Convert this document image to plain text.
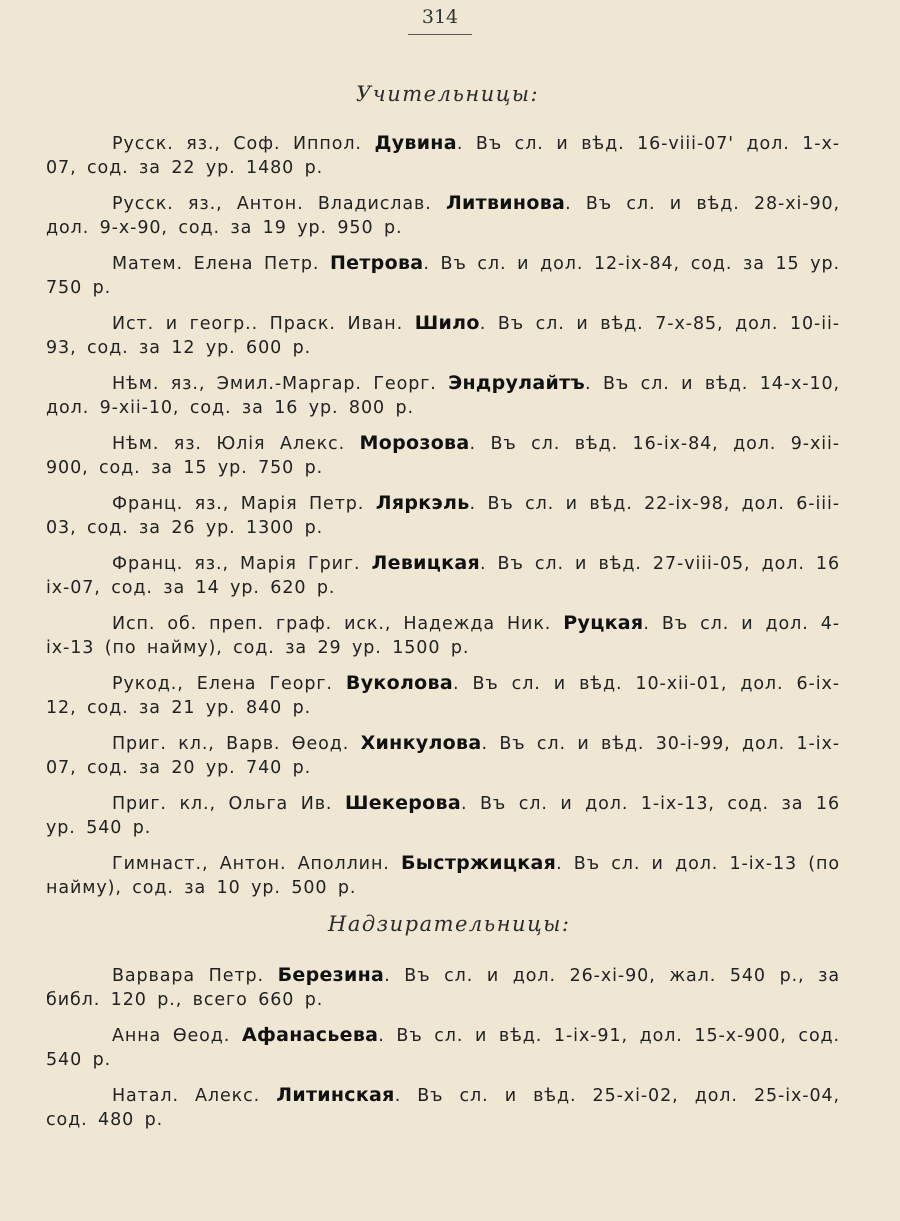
314
Учительницы:

Русск. яз., Соф. Иппол. Дувина. Въ сл. и вѣд. 16-viii-07' дол. 1-x-07, сод. за 22 ур. 1480 р.

Русск. яз., Антон. Владислав. Литвинова. Въ сл. и вѣд. 28-xi-90, дол. 9-x-90, сод. за 19 ур. 950 р.

Матем. Елена Петр. Петрова. Въ сл. и дол. 12-ix-84, сод. за 15 ур. 750 р.

Ист. и геогр.. Праск. Иван. Шило. Въ сл. и вѣд. 7-x-85, дол. 10-ii-93, сод. за 12 ур. 600 р.

Нѣм. яз., Эмил.-Маргар. Георг. Эндрулайтъ. Въ сл. и вѣд. 14-x-10, дол. 9-xii-10, сод. за 16 ур. 800 р.

Нѣм. яз. Юлія Алекс. Морозова. Въ сл. вѣд. 16-ix-84, дол. 9-xii-900, сод. за 15 ур. 750 р.

Франц. яз., Марія Петр. Ляркэль. Въ сл. и вѣд. 22-ix-98, дол. 6-iii-03, сод. за 26 ур. 1300 р.

Франц. яз., Марія Григ. Левицкая. Въ сл. и вѣд. 27-viii-05, дол. 16 ix-07, сод. за 14 ур. 620 р.

Исп. об. преп. граф. иск., Надежда Ник. Руцкая. Въ сл. и дол. 4-ix-13 (по найму), сод. за 29 ур. 1500 р.

Рукод., Елена Георг. Вуколова. Въ сл. и вѣд. 10-xii-01, дол. 6-ix-12, сод. за 21 ур. 840 р.

Приг. кл., Варв. Өеод. Хинкулова. Въ сл. и вѣд. 30-i-99, дол. 1-ix-07, сод. за 20 ур. 740 р.

Приг. кл., Ольга Ив. Шекерова. Въ сл. и дол. 1-ix-13, сод. за 16 ур. 540 р.

Гимнаст., Антон. Аполлин. Быстржицкая. Въ сл. и дол. 1-ix-13 (по найму), сод. за 10 ур. 500 р.

Надзирательницы:

Варвара Петр. Березина. Въ сл. и дол. 26-xi-90, жал. 540 р., за библ. 120 р., всего 660 р.

Анна Өеод. Афанасьева. Въ сл. и вѣд. 1-ix-91, дол. 15-x-900, сод. 540 р.

Натал. Алекс. Литинская. Въ сл. и вѣд. 25-xi-02, дол. 25-ix-04, сод. 480 р.
